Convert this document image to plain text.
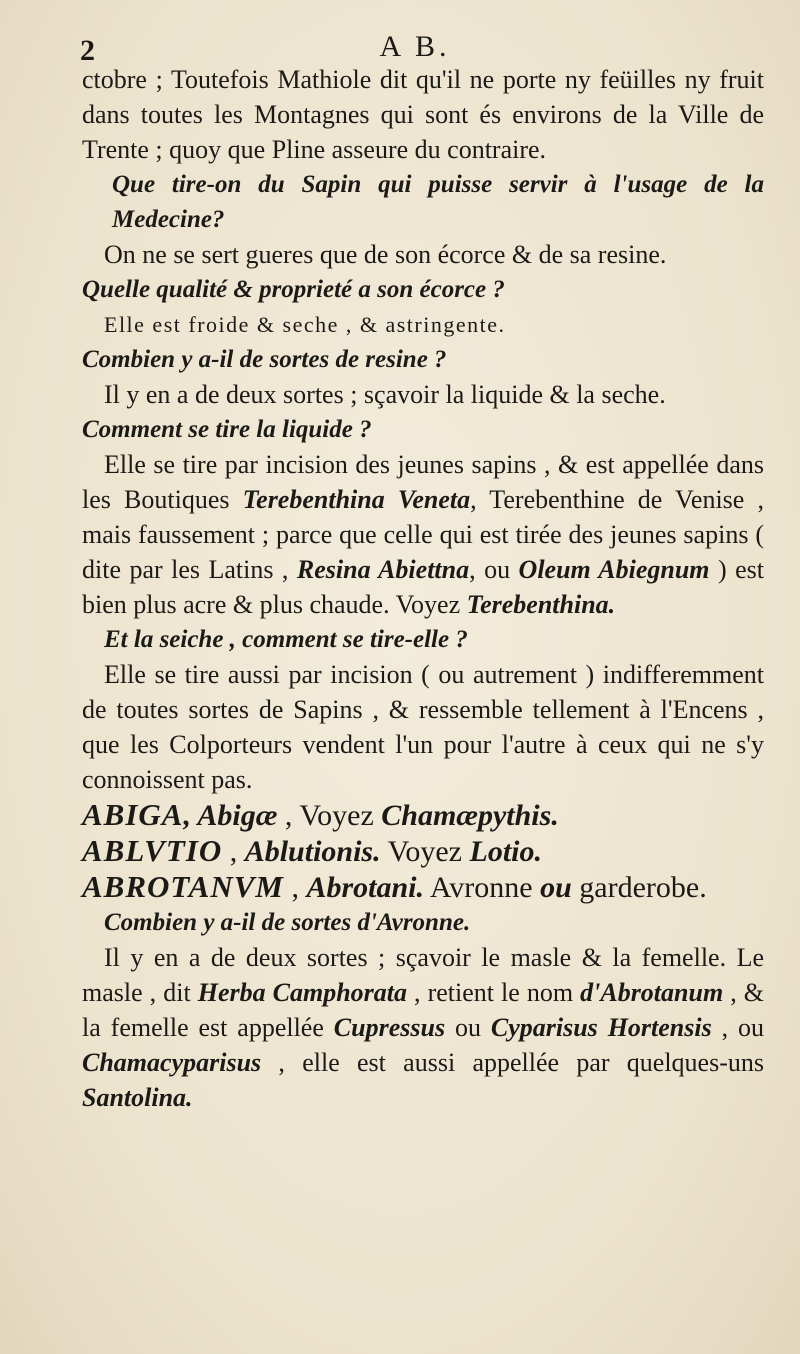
2	A B.

ctobre ; Toutefois Mathiole dit qu'il ne porte ny feüilles ny fruit dans toutes les Montagnes qui sont és environs de la Ville de Trente ; quoy que Pline asseure du contraire.

Que tire-on du Sapin qui puisse servir à l'usage de la Medecine?

On ne se sert gueres que de son écorce & de sa resine.

Quelle qualité & proprieté a son écorce ?

Elle est froide & seche , & astringente.

Combien y a-il de sortes de resine ?

Il y en a de deux sortes ; sçavoir la liquide & la seche.

Comment se tire la liquide ?

Elle se tire par incision des jeunes sapins , & est appellée dans les Boutiques Terebenthina Veneta, Terebenthine de Venise , mais faussement ; parce que celle qui est tirée des jeunes sapins ( dite par les Latins , Resina Abiettna, ou Oleum Abiegnum ) est bien plus acre & plus chaude. Voyez Terebenthina.

Et la seiche , comment se tire-elle ?

Elle se tire aussi par incision ( ou autrement ) indifferemment de toutes sortes de Sapins , & ressemble tellement à l'Encens , que les Colporteurs vendent l'un pour l'autre à ceux qui ne s'y connoissent pas.

ABIGA, Abigæ , Voyez Chamæpythis.

ABLVTIO , Ablutionis. Voyez Lotio.

ABROTANVM , Abrotani. Avronne ou garderobe.

Combien y a-il de sortes d'Avronne.

Il y en a de deux sortes ; sçavoir le masle & la femelle. Le masle , dit Herba Camphorata , retient le nom d'Abrotanum , & la femelle est appellée Cupressus ou Cyparisus Hortensis , ou Chamacyparisus , elle est aussi appellée par quelques-uns Santolina.
